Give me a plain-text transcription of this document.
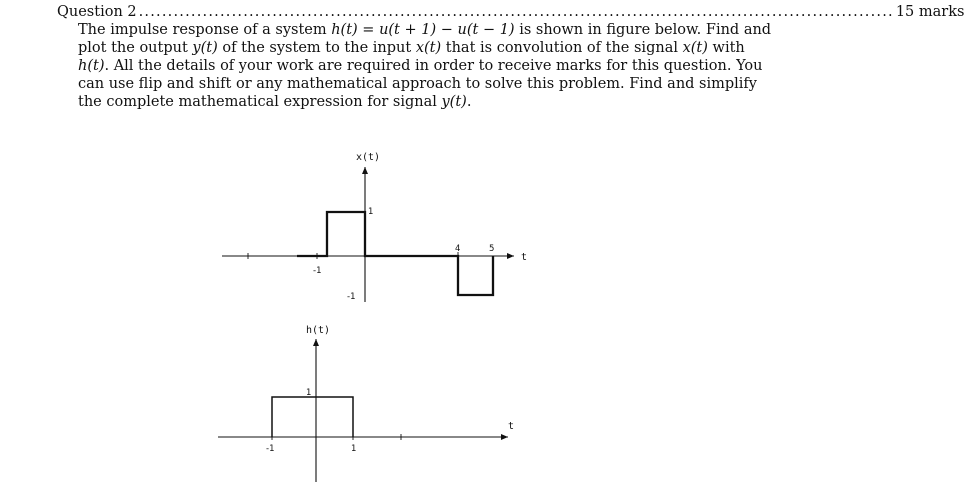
Question 2 .................................................................................................................................. 15 marks
The impulse response of a system h(t) = u(t + 1) − u(t − 1) is shown in figure below. Find and
plot the output y(t) of the system to the input x(t) that is convolution of the signal x(t) with
h(t). All the details of your work are required in order to receive marks for this question. You
can use flip and shift or any mathematical approach to solve this problem. Find and simplify
the complete mathematical expression for signal y(t).
x(t)
t
-1
1
4	5
-1
h(t)
t
1
-1	1
